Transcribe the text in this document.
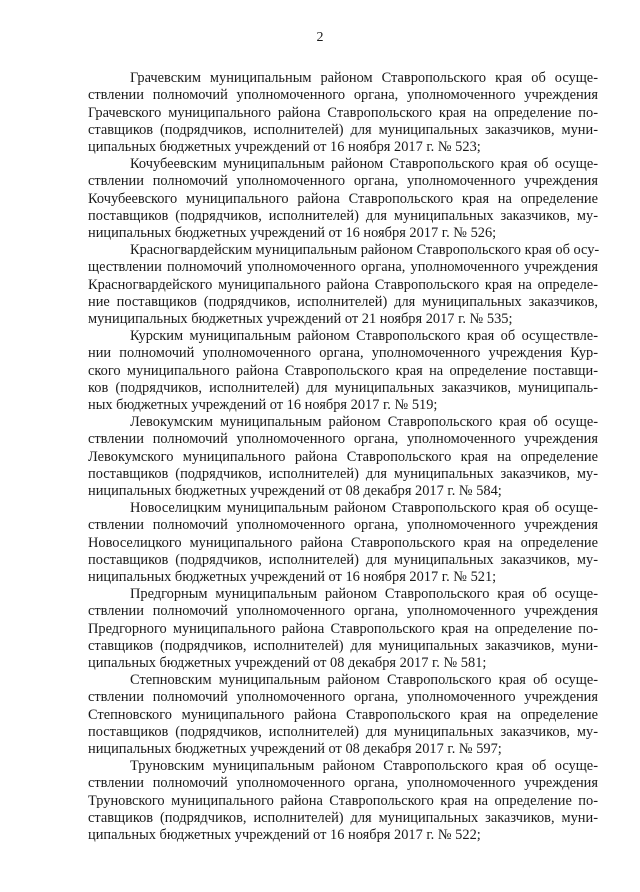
2

Грачевским муниципальным районом Ставропольского края об осуще-
ствлении полномочий уполномоченного органа, уполномоченного учреждения
Грачевского муниципального района Ставропольского края на определение по-
ставщиков (подрядчиков, исполнителей) для муниципальных заказчиков, муни-
ципальных бюджетных учреждений от 16 ноября 2017 г. № 523;

Кочубеевским муниципальным районом Ставропольского края об осуще-
ствлении полномочий уполномоченного органа, уполномоченного учреждения
Кочубеевского муниципального района Ставропольского края на определение
поставщиков (подрядчиков, исполнителей) для муниципальных заказчиков, му-
ниципальных бюджетных учреждений от 16 ноября 2017 г. № 526;

Красногвардейским муниципальным районом Ставропольского края об осу-
ществлении полномочий уполномоченного органа, уполномоченного учреждения
Красногвардейского муниципального района Ставропольского края на определе-
ние поставщиков (подрядчиков, исполнителей) для муниципальных заказчиков,
муниципальных бюджетных учреждений от 21 ноября 2017 г. № 535;

Курским муниципальным районом Ставропольского края об осуществле-
нии полномочий уполномоченного органа, уполномоченного учреждения Кур-
ского муниципального района Ставропольского края на определение поставщи-
ков (подрядчиков, исполнителей) для муниципальных заказчиков, муниципаль-
ных бюджетных учреждений от 16 ноября 2017 г. № 519;

Левокумским муниципальным районом Ставропольского края об осуще-
ствлении полномочий уполномоченного органа, уполномоченного учреждения
Левокумского муниципального района Ставропольского края на определение
поставщиков (подрядчиков, исполнителей) для муниципальных заказчиков, му-
ниципальных бюджетных учреждений от 08 декабря 2017 г. № 584;

Новоселицким муниципальным районом Ставропольского края об осуще-
ствлении полномочий уполномоченного органа, уполномоченного учреждения
Новоселицкого муниципального района Ставропольского края на определение
поставщиков (подрядчиков, исполнителей) для муниципальных заказчиков, му-
ниципальных бюджетных учреждений от 16 ноября 2017 г. № 521;

Предгорным муниципальным районом Ставропольского края об осуще-
ствлении полномочий уполномоченного органа, уполномоченного учреждения
Предгорного муниципального района Ставропольского края на определение по-
ставщиков (подрядчиков, исполнителей) для муниципальных заказчиков, муни-
ципальных бюджетных учреждений от 08 декабря 2017 г. № 581;

Степновским муниципальным районом Ставропольского края об осуще-
ствлении полномочий уполномоченного органа, уполномоченного учреждения
Степновского муниципального района Ставропольского края на определение
поставщиков (подрядчиков, исполнителей) для муниципальных заказчиков, му-
ниципальных бюджетных учреждений от 08 декабря 2017 г. № 597;

Труновским муниципальным районом Ставропольского края об осуще-
ствлении полномочий уполномоченного органа, уполномоченного учреждения
Труновского муниципального района Ставропольского края на определение по-
ставщиков (подрядчиков, исполнителей) для муниципальных заказчиков, муни-
ципальных бюджетных учреждений от 16 ноября 2017 г. № 522;
